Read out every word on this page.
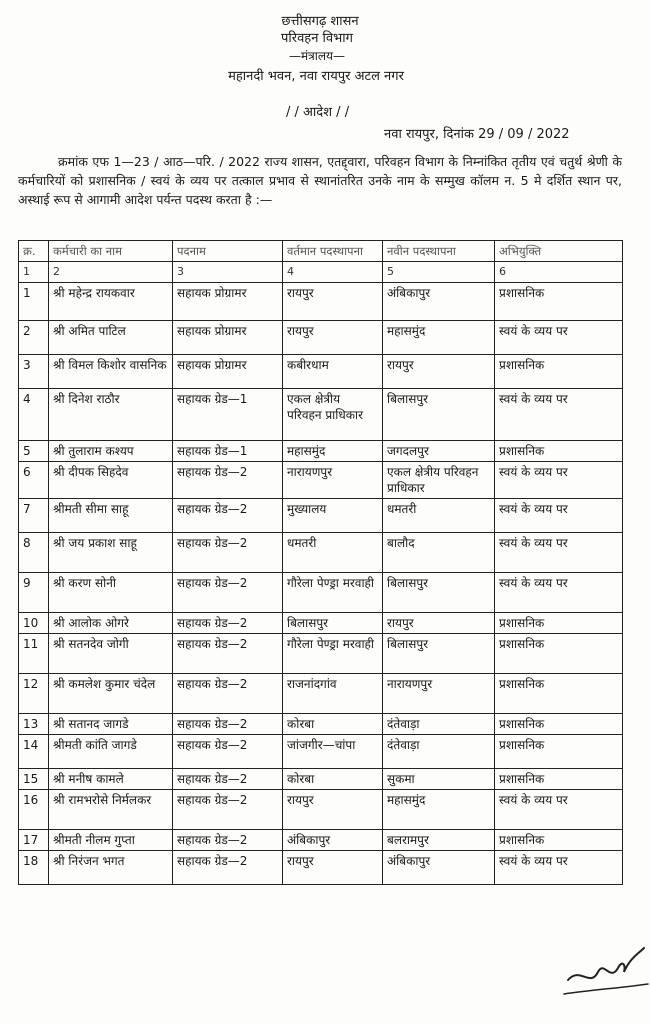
छत्तीसगढ़ शासन
परिवहन विभाग
—मंत्रालय—
महानदी भवन, नवा रायपुर अटल नगर
/ / आदेश / /
नवा रायपुर, दिनांक 29 / 09 / 2022
क्रमांक एफ 1—23 / आठ—परि. / 2022 राज्य शासन, एतद्द्वारा, परिवहन विभाग के निम्नांकित तृतीय एवं चतुर्थ श्रेणी के कर्मचारियों को प्रशासनिक / स्वयं के व्यय पर तत्काल प्रभाव से स्थानांतरित उनके नाम के सम्मुख कॉलम न. 5 मे दर्शित स्थान पर, अस्थाई रूप से आगामी आदेश पर्यन्त पदस्थ करता है :—
क्र.	कर्मचारी का नाम	पदनाम	वर्तमान पदस्थापना	नवीन पदस्थापना	अभियुक्ति
1	2	3	4	5	6
1	श्री महेन्द्र रायकवार	सहायक प्रोग्रामर	रायपुर	अंबिकापुर	प्रशासनिक
2	श्री अमित पाटिल	सहायक प्रोग्रामर	रायपुर	महासमुंद	स्वयं के व्यय पर
3	श्री विमल किशोर वासनिक	सहायक प्रोग्रामर	कबीरधाम	रायपुर	प्रशासनिक
4	श्री दिनेश राठौर	सहायक ग्रेड—1	एकल क्षेत्रीय परिवहन प्राधिकार	बिलासपुर	स्वयं के व्यय पर
5	श्री तुलाराम कश्यप	सहायक ग्रेड—1	महासमुंद	जगदलपुर	प्रशासनिक
6	श्री दीपक सिहदेव	सहायक ग्रेड—2	नारायणपुर	एकल क्षेत्रीय परिवहन प्राधिकार	स्वयं के व्यय पर
7	श्रीमती सीमा साहू	सहायक ग्रेड—2	मुख्यालय	धमतरी	स्वयं के व्यय पर
8	श्री जय प्रकाश साहू	सहायक ग्रेड—2	धमतरी	बालौद	स्वयं के व्यय पर
9	श्री करण सोनी	सहायक ग्रेड—2	गौरेला पेण्ड्रा मरवाही	बिलासपुर	स्वयं के व्यय पर
10	श्री आलोक ओगरे	सहायक ग्रेड—2	बिलासपुर	रायपुर	प्रशासनिक
11	श्री सतनदेव जोगी	सहायक ग्रेड—2	गौरेला पेण्ड्रा मरवाही	बिलासपुर	प्रशासनिक
12	श्री कमलेश कुमार चंदेल	सहायक ग्रेड—2	राजनांदगांव	नारायणपुर	प्रशासनिक
13	श्री सतानद जागडे	सहायक ग्रेड—2	कोरबा	दंतेवाड़ा	प्रशासनिक
14	श्रीमती कांति जागडे	सहायक ग्रेड—2	जांजगीर—चांपा	दंतेवाड़ा	प्रशासनिक
15	श्री मनीष कामले	सहायक ग्रेड—2	कोरबा	सुकमा	प्रशासनिक
16	श्री रामभरोसे निर्मलकर	सहायक ग्रेड—2	रायपुर	महासमुंद	स्वयं के व्यय पर
17	श्रीमती नीलम गुप्ता	सहायक ग्रेड—2	अंबिकापुर	बलरामपुर	प्रशासनिक
18	श्री निरंजन भगत	सहायक ग्रेड—2	रायपुर	अंबिकापुर	स्वयं के व्यय पर
